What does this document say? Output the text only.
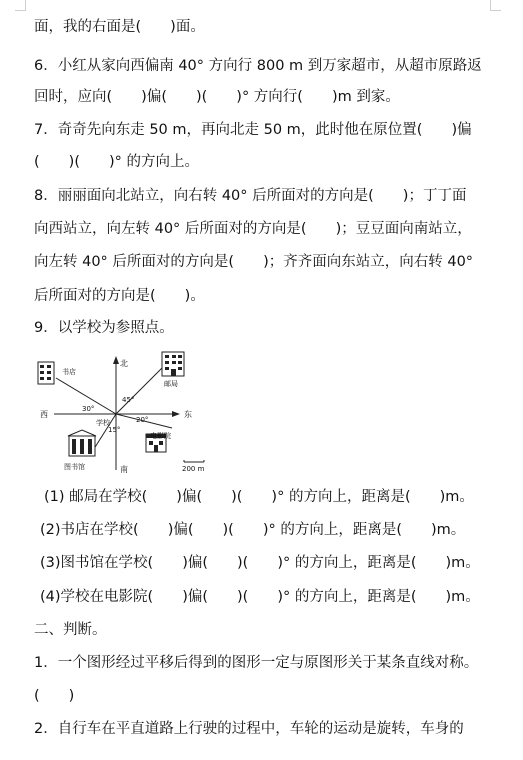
面，我的右面是(　　)面。
6．小红从家向西偏南 40° 方向行 800 m 到万家超市，从超市原路返
回时，应向(　　)偏(　　)(　　)° 方向行(　　)m 到家。
7．奇奇先向东走 50 m，再向北走 50 m，此时他在原位置(　　)偏
(　　)(　　)° 的方向上。
8．丽丽面向北站立，向右转 40° 后所面对的方向是(　　)；丁丁面
向西站立，向左转 40° 后所面对的方向是(　　)；豆豆面向南站立，
向左转 40° 后所面对的方向是(　　)；齐齐面向东站立，向右转 40°
后所面对的方向是(　　)。
9．以学校为参照点。
北
南
东
西
学校
书店
邮局
图书馆
电影院
30°
45°
20°
15°
200 m
(1) 邮局在学校(　　)偏(　　)(　　)° 的方向上，距离是(　　)m。
(2)书店在学校(　　)偏(　　)(　　)° 的方向上，距离是(　　)m。
(3)图书馆在学校(　　)偏(　　)(　　)° 的方向上，距离是(　　)m。
(4)学校在电影院(　　)偏(　　)(　　)° 的方向上，距离是(　　)m。
二、判断。
1．一个图形经过平移后得到的图形一定与原图形关于某条直线对称。
(　　)
2．自行车在平直道路上行驶的过程中，车轮的运动是旋转，车身的
